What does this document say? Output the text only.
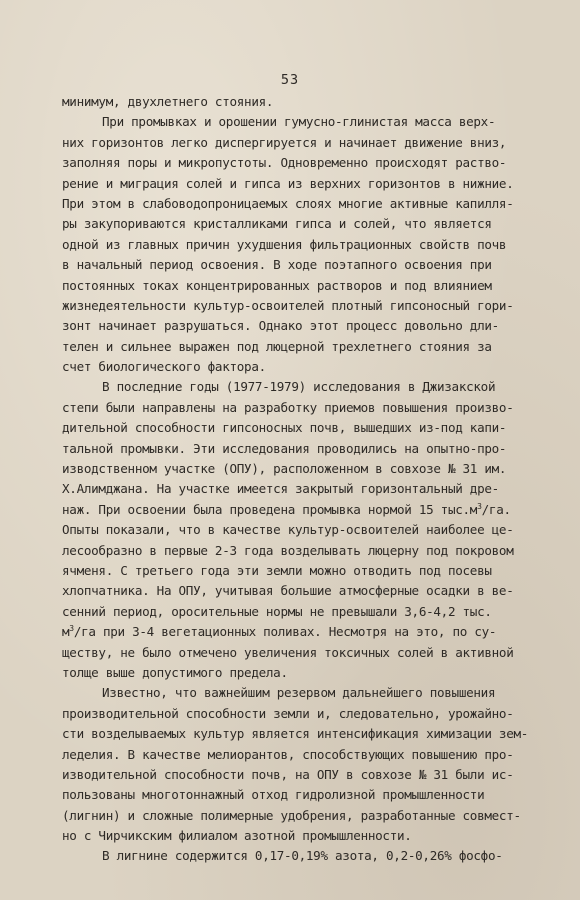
53
минимум, двухлетнего стояния.
При промывках и орошении гумусно-глинистая масса верх-
них горизонтов легко диспергируется и начинает движение вниз,
заполняя поры и микропустоты. Одновременно происходят раство-
рение и миграция солей и гипса из верхних горизонтов в нижние.
При этом в слабоводопроницаемых слоях многие активные капилля-
ры закупориваются кристалликами гипса и солей, что является
одной из главных причин ухудшения фильтрационных свойств почв
в начальный период освоения. В ходе поэтапного освоения при
постоянных токах концентрированных растворов и под влиянием
жизнедеятельности культур-освоителей плотный гипсоносный гори-
зонт начинает разрушаться. Однако этот процесс довольно дли-
телен и сильнее выражен под люцерной трехлетнего стояния за
счет биологического фактора.
В последние годы (1977-1979) исследования в Джизакской
степи были направлены на разработку приемов повышения произво-
дительной способности гипсоносных почв, вышедших из-под капи-
тальной промывки. Эти исследования проводились на опытно-про-
изводственном участке (ОПУ), расположенном в совхозе № 31 им.
Х.Алимджана. На участке имеется закрытый горизонтальный дре-
наж. При освоении была проведена промывка нормой 15 $тыс.м^3/га$.
Опыты показали, что в качестве культур-освоителей наиболее це-
лесообразно в первые 2-3 года возделывать люцерну под покровом
ячменя. С третьего года эти земли можно отводить под посевы
хлопчатника. На ОПУ, учитывая большие атмосферные осадки в ве-
сенний период, оросительные нормы не превышали 3,6-4,2 тыс.
$м^3/га$ при 3-4 вегетационных поливах. Несмотря на это, по су-
ществу, не было отмечено увеличения токсичных солей в активной
толще выше допустимого предела.
Известно, что важнейшим резервом дальнейшего повышения
производительной способности земли и, следовательно, урожайно-
сти возделываемых культур является интенсификация химизации зем-
леделия. В качестве мелиорантов, способствующих повышению про-
изводительной способности почв, на ОПУ в совхозе № 31 были ис-
пользованы многотоннажный отход гидролизной промышленности
(лигнин) и сложные полимерные удобрения, разработанные совмест-
но с Чирчикским филиалом азотной промышленности.
В лигнине содержится 0,17-0,19% азота, 0,2-0,26% фосфо-
